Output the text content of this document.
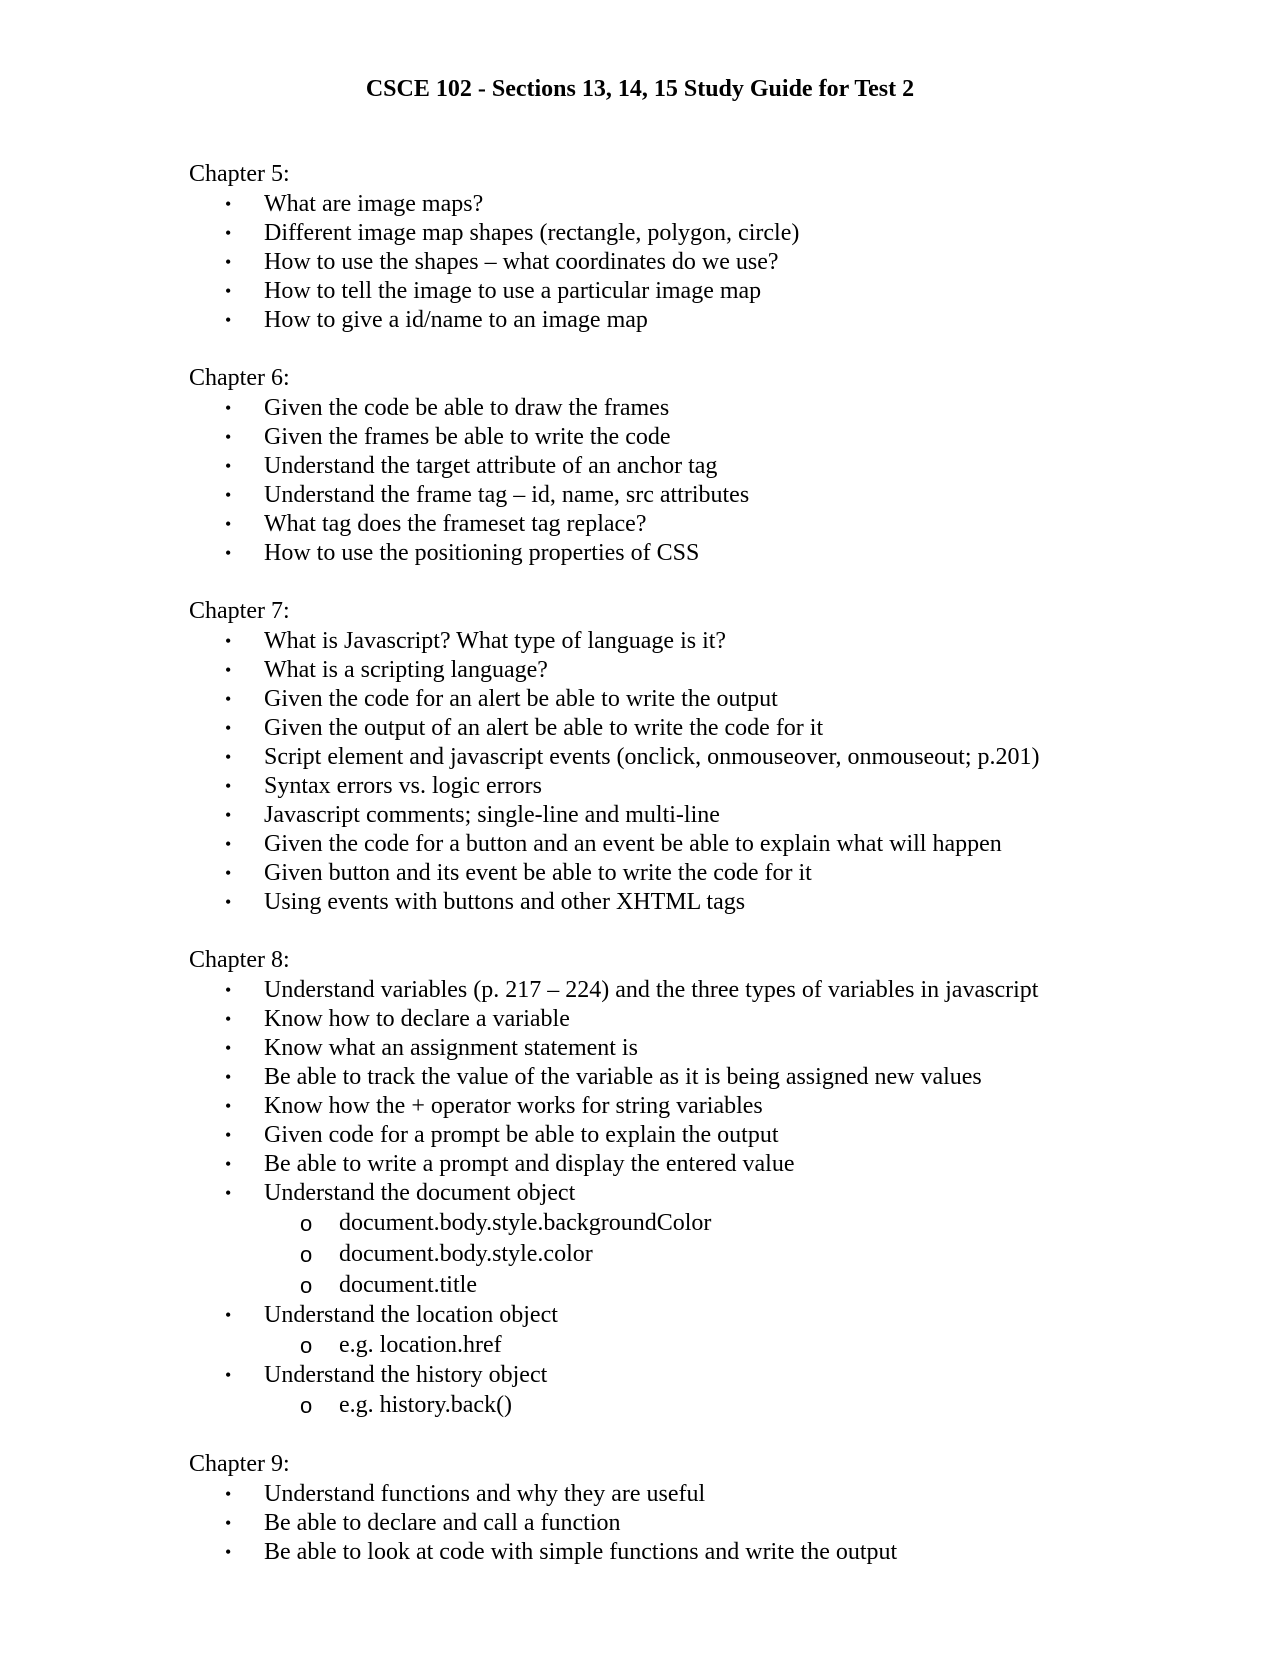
CSCE 102 - Sections 13, 14, 15 Study Guide for Test 2

Chapter 5:

•	What are image maps?
•	Different image map shapes (rectangle, polygon, circle)
•	How to use the shapes – what coordinates do we use?
•	How to tell the image to use a particular image map
•	How to give a id/name to an image map

Chapter 6:

•	Given the code be able to draw the frames
•	Given the frames be able to write the code
•	Understand the target attribute of an anchor tag
•	Understand the frame tag – id, name, src attributes
•	What tag does the frameset tag replace?
•	How to use the positioning properties of CSS

Chapter 7:

•	What is Javascript? What type of language is it?
•	What is a scripting language?
•	Given the code for an alert be able to write the output
•	Given the output of an alert be able to write the code for it
•	Script element and javascript events (onclick, onmouseover, onmouseout; p.201)
•	Syntax errors vs. logic errors
•	Javascript comments; single-line and multi-line
•	Given the code for a button and an event be able to explain what will happen
•	Given button and its event be able to write the code for it
•	Using events with buttons and other XHTML tags

Chapter 8:

•	Understand variables (p. 217 – 224) and the three types of variables in javascript
•	Know how to declare a variable
•	Know what an assignment statement is
•	Be able to track the value of the variable as it is being assigned new values
•	Know how the + operator works for string variables
•	Given code for a prompt be able to explain the output
•	Be able to write a prompt and display the entered value
•	Understand the document object
o document.body.style.backgroundColor
o document.body.style.color
o document.title
•	Understand the location object
o e.g. location.href
•	Understand the history object
o e.g. history.back()

Chapter 9:

•	Understand functions and why they are useful
•	Be able to declare and call a function
•	Be able to look at code with simple functions and write the output
